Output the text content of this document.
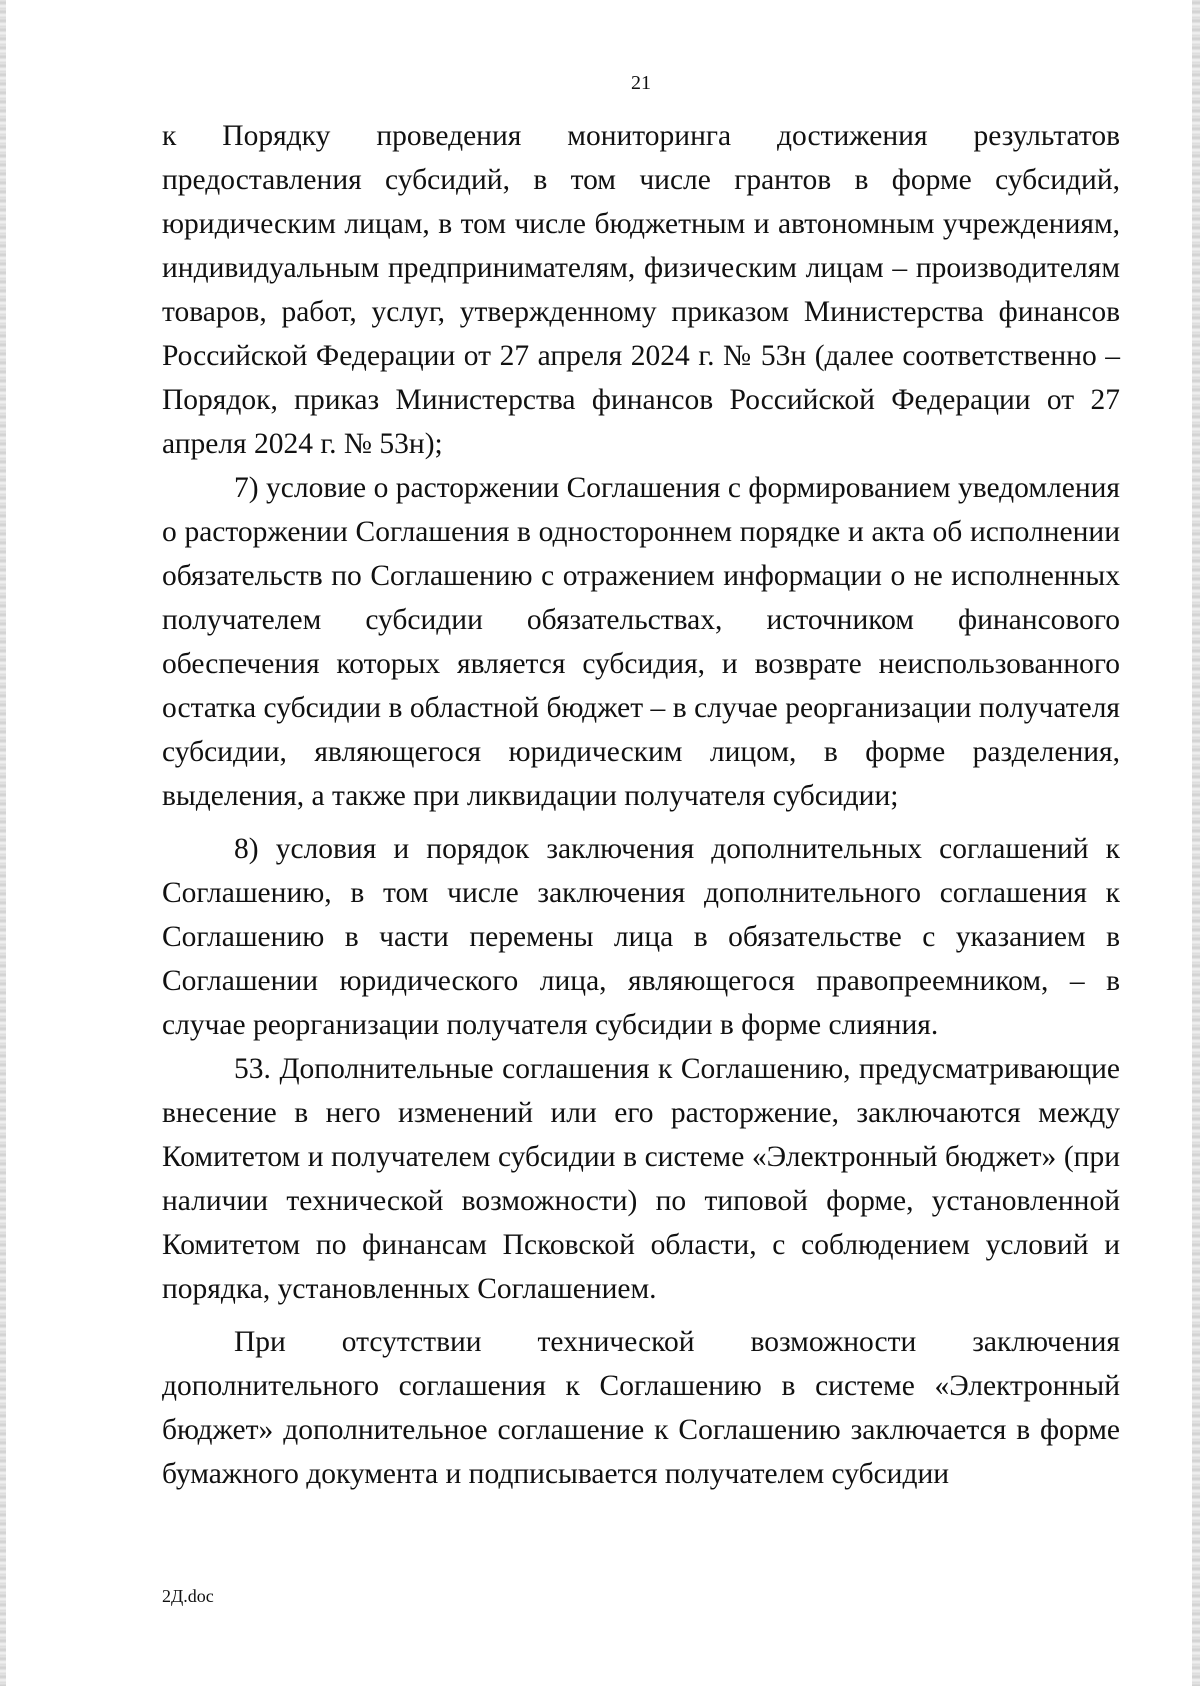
21

к Порядку проведения мониторинга достижения результатов предоставления субсидий, в том числе грантов в форме субсидий, юридическим лицам, в том числе бюджетным и автономным учреждениям, индивидуальным предпринимателям, физическим лицам – производителям товаров, работ, услуг, утвержденному приказом Министерства финансов Российской Федерации от 27 апреля 2024 г. № 53н (далее соответственно – Порядок, приказ Министерства финансов Российской Федерации от 27 апреля 2024 г. № 53н);

7) условие о расторжении Соглашения с формированием уведомления о расторжении Соглашения в одностороннем порядке и акта об исполнении обязательств по Соглашению с отражением информации о не исполненных получателем субсидии обязательствах, источником финансового обеспечения которых является субсидия, и возврате неиспользованного остатка субсидии в областной бюджет – в случае реорганизации получателя субсидии, являющегося юридическим лицом, в форме разделения, выделения, а также при ликвидации получателя субсидии;

8) условия и порядок заключения дополнительных соглашений к Соглашению, в том числе заключения дополнительного соглашения к Соглашению в части перемены лица в обязательстве с указанием в Соглашении юридического лица, являющегося правопреемником, – в случае реорганизации получателя субсидии в форме слияния.

53. Дополнительные соглашения к Соглашению, предусматривающие внесение в него изменений или его расторжение, заключаются между Комитетом и получателем субсидии в системе «Электронный бюджет» (при наличии технической возможности) по типовой форме, установленной Комитетом по финансам Псковской области, с соблюдением условий и порядка, установленных Соглашением.

При отсутствии технической возможности заключения дополнительного соглашения к Соглашению в системе «Электронный бюджет» дополнительное соглашение к Соглашению заключается в форме бумажного документа и подписывается получателем субсидии

2Д.doc
